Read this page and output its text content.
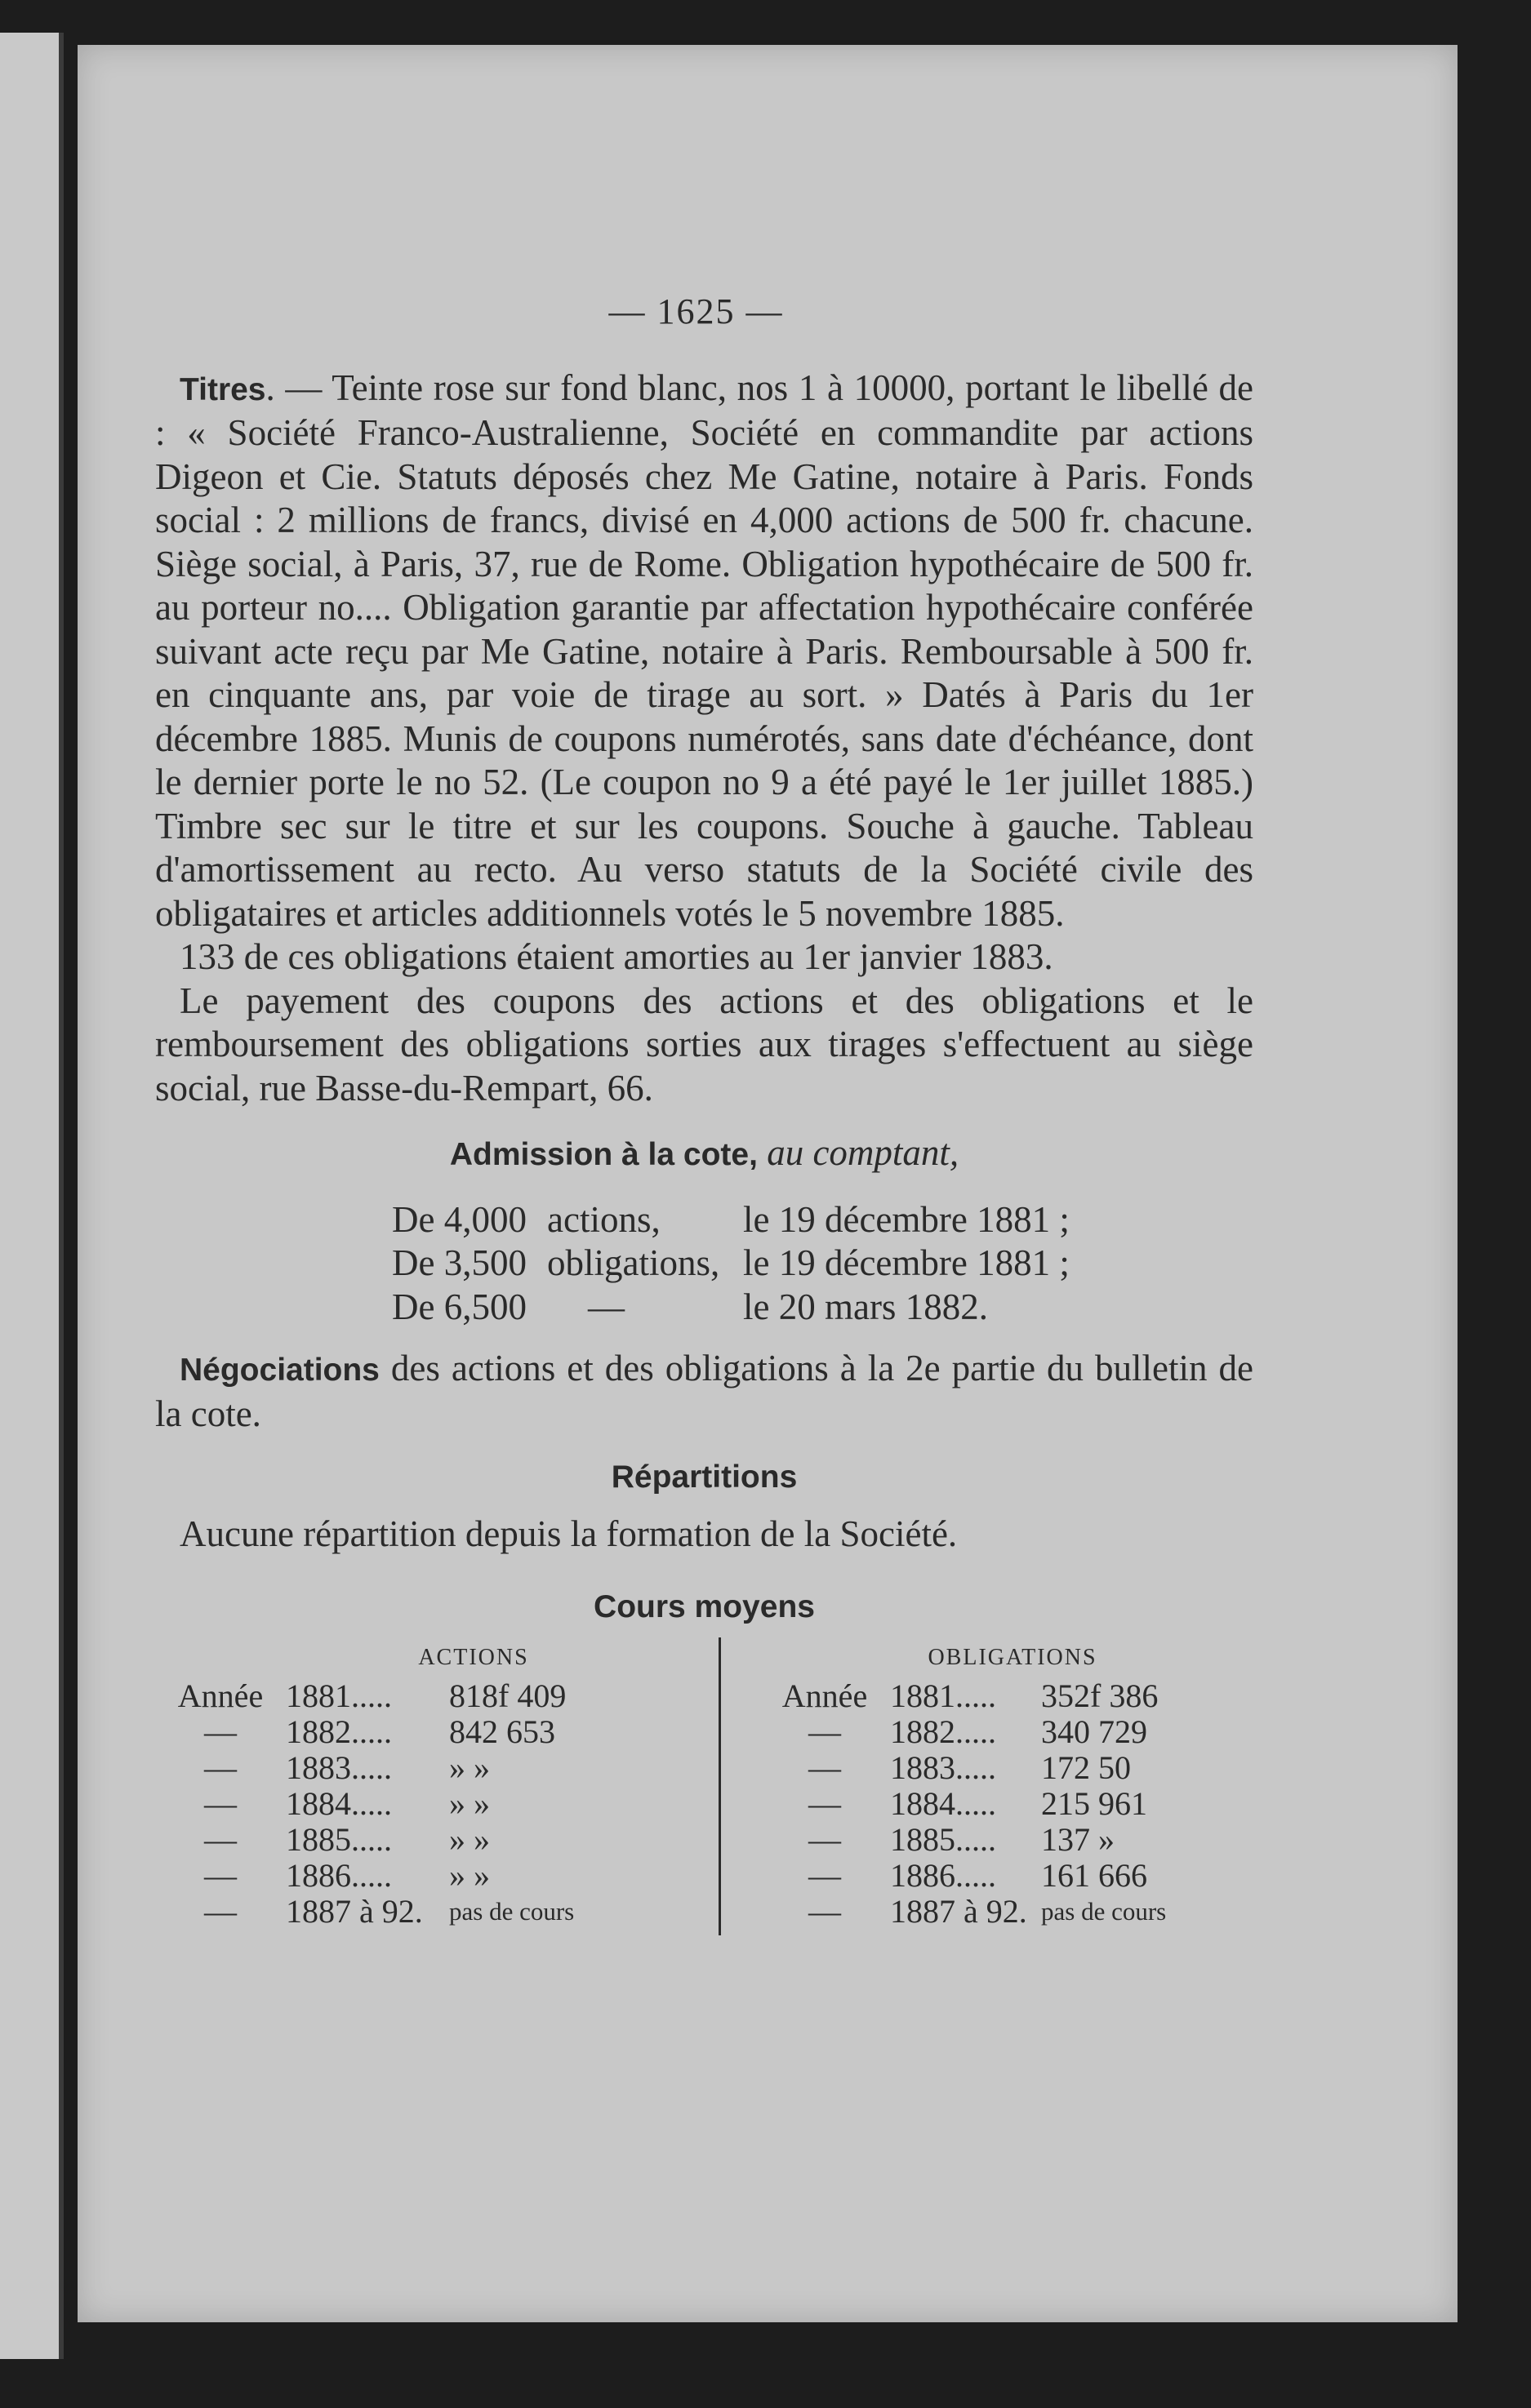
— 1625 —

Titres. — Teinte rose sur fond blanc, nos 1 à 10000, portant le libellé de : « Société Franco-Australienne, Société en commandite par actions Digeon et Cie. Statuts déposés chez Me Gatine, notaire à Paris. Fonds social : 2 millions de francs, divisé en 4,000 actions de 500 fr. chacune. Siège social, à Paris, 37, rue de Rome. Obligation hypothécaire de 500 fr. au porteur no.... Obligation garantie par affectation hypothécaire conférée suivant acte reçu par Me Gatine, notaire à Paris. Remboursable à 500 fr. en cinquante ans, par voie de tirage au sort. » Datés à Paris du 1er décembre 1885. Munis de coupons numérotés, sans date d'échéance, dont le dernier porte le no 52. (Le coupon no 9 a été payé le 1er juillet 1885.) Timbre sec sur le titre et sur les coupons. Souche à gauche. Tableau d'amortissement au recto. Au verso statuts de la Société civile des obligataires et articles additionnels votés le 5 novembre 1885.

133 de ces obligations étaient amorties au 1er janvier 1883.

Le payement des coupons des actions et des obligations et le remboursement des obligations sorties aux tirages s'effectuent au siège social, rue Basse-du-Rempart, 66.

Admission à la cote, au comptant,

De 4,000 actions,	le 19 décembre 1881 ;
De 3,500 obligations, le 19 décembre 1881 ;
De 6,500	—	le 20 mars 1882.

Négociations des actions et des obligations à la 2e partie du bulletin de la cote.

Répartitions

Aucune répartition depuis la formation de la Société.

Cours moyens

ACTIONS
Année 1881.....	818f 409
—	1882.....	842 653
—	1883.....	» »
—	1884.....	» »
—	1885.....	» »
—	1886.....	» »
—	1887 à 92.	pas de cours
OBLIGATIONS
Année 1881.....	352f 386
—	1882.....	340 729
—	1883.....	172 50
—	1884.....	215 961
—	1885.....	137 »
—	1886.....	161 666
—	1887 à 92. pas de cours
